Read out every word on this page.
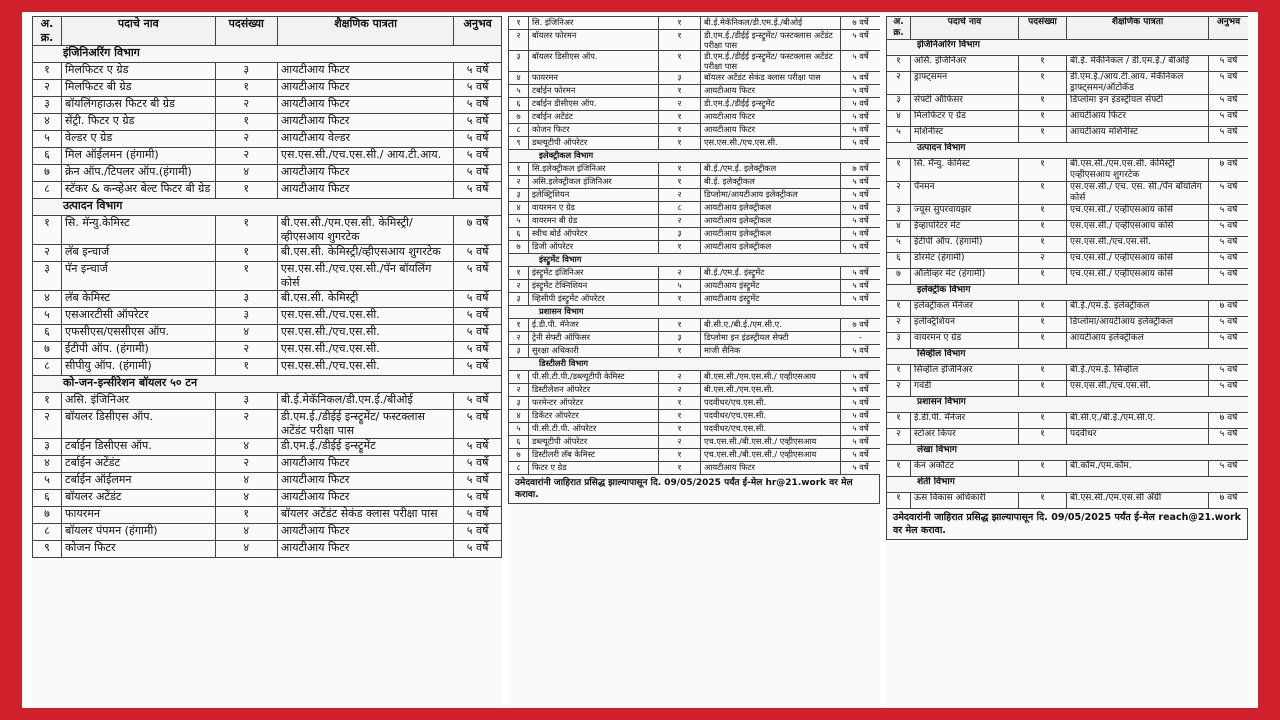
अ. क्र.	पदाचे नाव	पदसंख्या	शैक्षणिक पात्रता	अनुभव
इंजिनिअरिंग विभाग				
१	मिलफिटर ए ग्रेड	३	आयटीआय फिटर	५ वर्षे
२	मिलफिटर बी ग्रेड	१	आयटीआय फिटर	५ वर्षे
३	बॉयलिंगहाऊस फिटर बी ग्रेड	२	आयटीआय फिटर	५ वर्षे
४	सेंट्री. फिटर ए ग्रेड	१	आयटीआय फिटर	५ वर्षे
५	वेल्डर ए ग्रेड	२	आयटीआय वेल्डर	५ वर्षे
६	मिल ऑईलमन (हंगामी)	२	एस.एस.सी./एच.एस.सी./ आय.टी.आय.	५ वर्षे
७	क्रेन ऑप./टिपलर ऑप.(हंगामी)	४	आयटीआय फिटर	५ वर्षे
८	स्टॅकर & कन्व्हेअर बेल्ट फिटर बी ग्रेड	१	आयटीआय फिटर	५ वर्षे
उत्पादन विभाग				
१	सि. मॅन्यु.केमिस्ट	१	बी.एस.सी./एम.एस.सी. केमिस्ट्री/व्हीएसआय शुगरटेक	७ वर्षे
२	लॅब इन्चार्ज	१	बी.एस.सी. केमिस्ट्री/व्हीएसआय शुगरटेक	५ वर्षे
३	पॅन इन्चार्ज	१	एस.एस.सी./एच.एस.सी./पॅन बॉयलिंग कोर्स	५ वर्षे
४	लॅब केमिस्ट	३	बी.एस.सी. केमिस्ट्री	५ वर्षे
५	एसआरटीसी ऑपरेटर	३	एस.एस.सी./एच.एस.सी.	५ वर्षे
६	एफसीएस/एससीएस ऑप.	४	एस.एस.सी./एच.एस.सी.	५ वर्षे
७	ईटीपी ऑप. (हंगामी)	२	एस.एस.सी./एच.एस.सी.	५ वर्षे
८	सीपीयु ऑप. (हंगामी)	१	एस.एस.सी./एच.एस.सी.	५ वर्षे
को-जन-इन्सीरेशन बॉयलर ५० टन				
१	असि. इंजिनिअर	३	बी.ई.मेकॅनिकल/डी.एम.ई./बीओई	५ वर्षे
२	बॉयलर डिसीएस ऑप.	२	डी.एम.ई./डीईई इन्स्ट्रूमेंट/ फस्टक्लास अटेंडंट परीक्षा पास	५ वर्षे
३	टर्बाईन डिसीएस ऑप.	४	डी.एम.ई./डीईई इन्स्ट्रूमेंट	५ वर्षे
४	टर्बाईन अटेंडंट	२	आयटीआय फिटर	५ वर्षे
५	टर्बाईन ऑईलमन	४	आयटीआय फिटर	५ वर्षे
६	बॉयलर अटेंडंट	४	आयटीआय फिटर	५ वर्षे
७	फायरमन	१	बॉयलर अटेंडंट सेकंड क्लास परीक्षा पास	५ वर्षे
८	बॉयलर पंपमन (हंगामी)	४	आयटीआय फिटर	५ वर्षे
९	कोजन फिटर	४	आयटीआय फिटर	५ वर्षे
१	सि. इंजिनिअर	१	बी.ई.मेकॅनिकल/डी.एम.ई./बीओई	७ वर्षे
२	बॉयलर फोरमन	१	डी.एम.ई./डीईई इन्स्ट्रूमेंट/ फस्टक्लास अटेंडंट परीक्षा पास	५ वर्षे
३	बॉयलर डिसीएस ऑप.	१	डी.एम.ई./डीईई इन्स्ट्रूमेंट/ फस्टक्लास अटेंडंट परीक्षा पास	५ वर्षे
४	फायरमन	३	बॉयलर अटेंडंट सेकंड क्लास परीक्षा पास	५ वर्षे
५	टर्बाईन फोरमन	१	आयटीआय फिटर	५ वर्षे
६	टर्बाईन डीसीएस ऑप.	२	डी.एम.ई./डीईई इन्स्ट्रूमेंट	५ वर्षे
७	टर्बाईन अटेंडंट	१	आयटीआय फिटर	५ वर्षे
८	कोजन फिटर	१	आयटीआय फिटर	५ वर्षे
९	डब्ल्यूटीपी ऑपरेटर	१	एस.एस.सी./एच.एस.सी.	५ वर्षे
इलेक्ट्रीकल विभाग				
१	सि.इलेक्ट्रीकल इंजिनिअर	१	बी.ई./एम.ई. इलेक्ट्रीकल	७ वर्षे
२	असि.इलेक्ट्रीकल इंजिनिअर	१	बी.ई. इलेक्ट्रीकल	५ वर्षे
३	इलेक्ट्रिशियन	२	डिप्लोमा/आयटीआय इलेक्ट्रीकल	५ वर्षे
४	वायरमन ए ग्रेड	८	आयटीआय इलेक्ट्रीकल	५ वर्षे
५	वायरमन बी ग्रेड	२	आयटीआय इलेक्ट्रीकल	५ वर्षे
६	स्वीच बोर्ड ऑपरेटर	३	आयटीआय इलेक्ट्रीकल	५ वर्षे
७	डिजी ऑपरेटर	१	आयटीआय इलेक्ट्रीकल	५ वर्षे
इंस्ट्रुमेंट विभाग				
१	इंस्ट्रुमेंट इंजिनिअर	२	बी.ई./एम.ई. इंस्ट्रुमेंट	५ वर्षे
२	इंस्ट्रुमेंट टेक्निशियन	५	आयटीआय इंस्ट्रुमेंट	५ वर्षे
३	व्हिसीपी इंस्ट्रुमेंट ऑपरेटर	१	आयटीआय इंस्ट्रुमेंट	५ वर्षे
प्रशासन विभाग				
१	ई.डी.पी. मॅनेजर	१	बी.सी.ए./बी.ई./एम.सी.ए.	७ वर्षे
२	ट्रेनी सेफ्टी ऑफिसर	३	डिप्लोमा इन इंडस्ट्रीयल सेफ्टी	-
३	सुरक्षा अधिकारी	१	माजी सैनिक	५ वर्षे
डिस्टीलरी विभाग				
१	पी.सी.टी.पी./डब्ल्यूटीपी केमिस्ट	२	बी.एस.सी./एम.एस.सी./ एव्हीएसआय	५ वर्षे
२	डिस्टीलेशन ऑपरेटर	२	बी.एस.सी./एम.एस.सी.	५ वर्षे
३	फरमेन्टर ऑपरेटर	१	पदवीधर/एच.एस.सी.	५ वर्षे
४	डिकेंटर ऑपरेटर	१	पदवीधर/एच.एस.सी.	५ वर्षे
५	पी.सी.टी.पी. ऑपरेटर	१	पदवीधर/एच.एस.सी.	५ वर्षे
६	डब्ल्यूटीपी ऑपरेटर	२	एच.एस.सी./बी.एस.सी./ एव्हीएसआय	५ वर्षे
७	डिस्टीलरी लॅब केमिस्ट	१	एच.एस.सी./बी.एस.सी./ एव्हीएसआय	५ वर्षे
८	फिटर ए ग्रेड	१	आयटीआय फिटर	५ वर्षे
उमेदवारांनी जाहिरात प्रसिद्ध झाल्यापासून दि. 09/05/2025 पर्यंत ई-मेल hr@21.work वर मेल करावा.
अ. क्र.	पदाचे नाव	पदसंख्या	शैक्षणिक पात्रता	अनुभव
इंजिनिअरिंग विभाग				
१	असि. इंजिनिअर	१	बी.ई. मेकॅनिकल / डी.एम.ई./ बीओई	५ वर्षे
२	ड्राफ्ट्समन	१	डी.एम.ई./आय.टी.आय. मेकॅनिकल ड्राफ्ट्समन/ऑटोकॅड	५ वर्षे
३	सेफ्टी ऑफिसर	१	डिप्लोमा इन इंडस्ट्रीयल सेफ्टी	५ वर्षे
४	मिलफिटर ए ग्रेड	१	आयटीआय फिटर	५ वर्षे
५	मशिनीस्ट	१	आयटीआय मशिनीस्ट	५ वर्षे
उत्पादन विभाग				
१	सि. मॅन्यु. केमिस्ट	१	बी.एस.सी./एम.एस.सी. केमिस्ट्री एव्हीएसआय शुगरटेक	७ वर्षे
२	पॅनमन	१	एस.एस.सी./ एच. एस. सी./पॅन बॉयलिंग कोर्स	५ वर्षे
३	ज्यूस सुपरवायझर	१	एच.एस.सी./ एव्हीएसआय कोर्स	५ वर्षे
४	ईव्हापोरेटर मेट	१	एस.एस.सी./ एव्हीएसआय कोर्स	५ वर्षे
५	ईटीपी ऑप. (हंगामी)	१	एस.एस.सी./एच.एस.सी.	५ वर्षे
६	डोरमेट (हंगामी)	२	एच.एस.सी./ एव्हीएसआय कोर्स	५ वर्षे
७	ऑलीव्हर मेट (हंगामी)	१	एच.एस.सी./ एव्हीएसआय कोर्स	५ वर्षे
इलेक्ट्रीक विभाग				
१	इलेक्ट्रीकल मॅनेजर	१	बी.ई./एम.ई. इलेक्ट्रीकल	७ वर्षे
२	इलेक्ट्रिशियन	१	डिप्लोमा/आयटीआय इलेक्ट्रीकल	५ वर्षे
३	वायरमन ए ग्रेड	१	आयटीआय इलेक्ट्रीकल	५ वर्षे
सिव्हील विभाग				
१	सिव्हील इंजिनिअर	१	बी.ई./एम.ई. सिव्हील	५ वर्षे
२	गवंडी	१	एस.एस.सी./एच.एस.सी.	५ वर्षे
प्रशासन विभाग				
१	ई.डी.पी. मॅनेजर	१	बी.सी.ए./बी.ई./एम.सी.ए.	७ वर्षे
२	स्टोअर किपर	१	पदवीधर	५ वर्षे
लेखा विभाग				
१	केन अकौंटंट	१	बी.कॉम./एम.कॉम.	५ वर्षे
शेती विभाग				
१	ऊस विकास अधिकारी	१	बी.एस.सी./एम.एस.सी ॲग्री	७ वर्षे
उमेदवारांनी जाहिरात प्रसिद्ध झाल्यापासून दि. 09/05/2025 पर्यंत ई-मेल reach@21.work वर मेल करावा.
